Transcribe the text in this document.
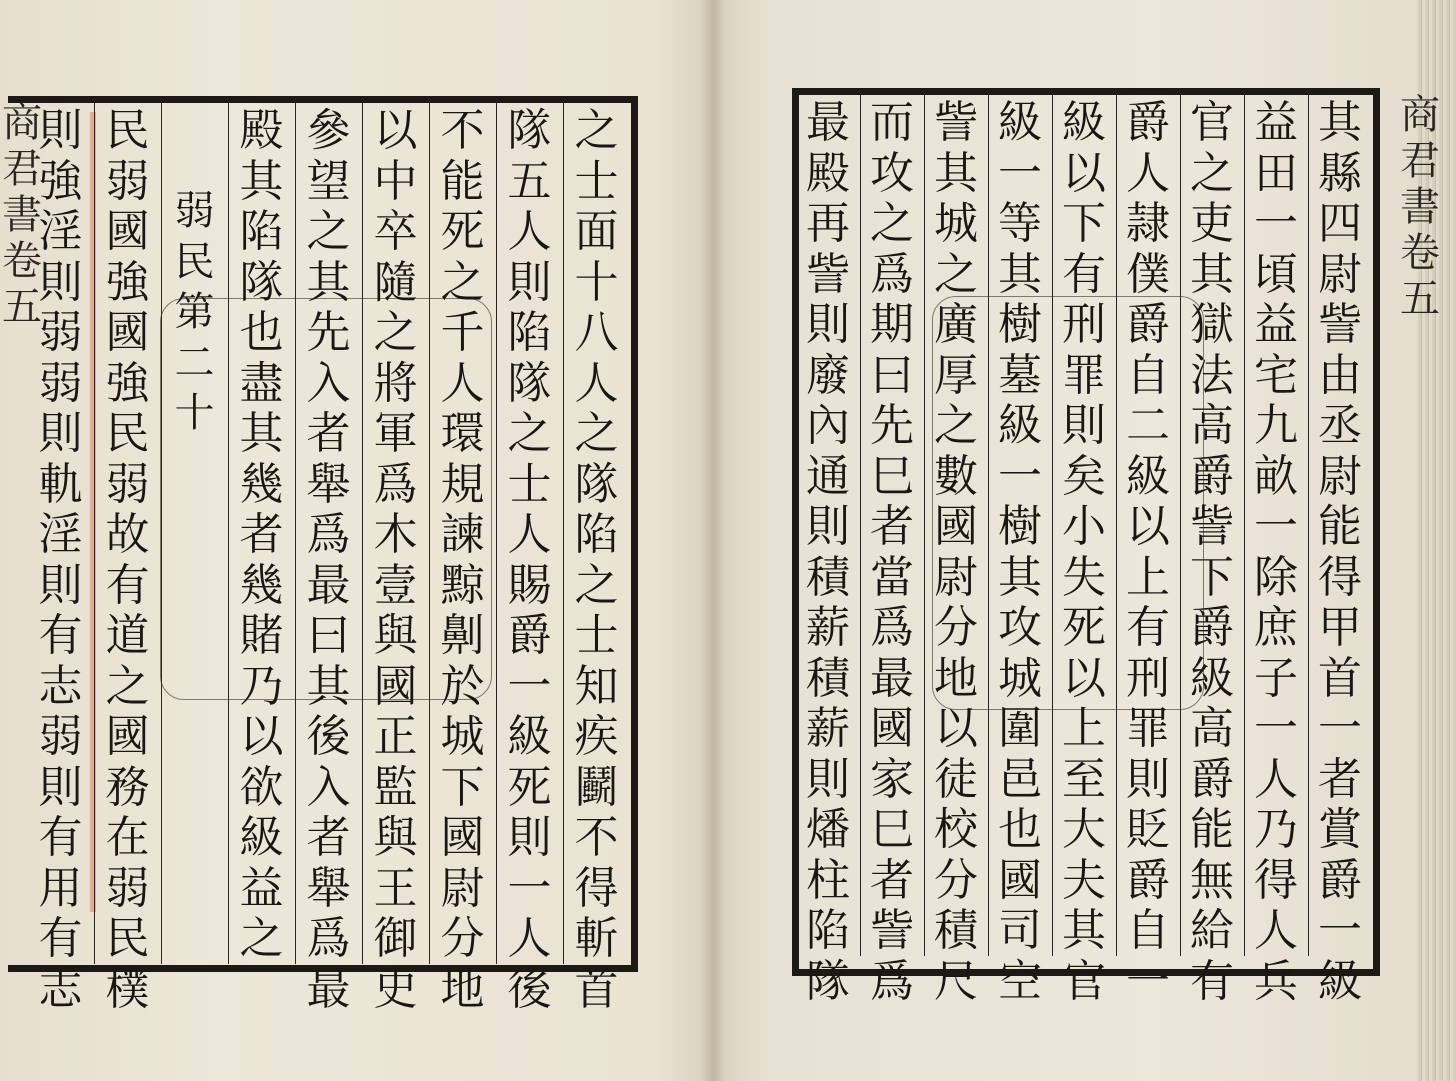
商
君
書
卷
五
之
士
面
十
八
人
之
隊
陷
之
士
知
疾
鬬
不
得
斬
首
隊
五
人
則
陷
隊
之
士
人
賜
爵
一
級
死
則
一
人
後
不
能
死
之
千
人
環
規
諫
黥
劓
於
城
下
國
尉
分
地
以
中
卒
隨
之
將
軍
爲
木
壹
與
國
正
監
與
王
御
史
參
望
之
其
先
入
者
舉
爲
最
曰
其
後
入
者
舉
爲
最
殿
其
陷
隊
也
盡
其
幾
者
幾
賭
乃
以
欲
級
益
之
弱
民
第
二
十
民
弱
國
強
國
強
民
弱
故
有
道
之
國
務
在
弱
民
樸
則
強
淫
則
弱
弱
則
軌
淫
則
有
志
弱
則
有
用
有
志
其
縣
四
尉
訾
由
丞
尉
能
得
甲
首
一
者
賞
爵
一
級
益
田
一
頃
益
宅
九
畝
一
除
庶
子
一
人
乃
得
人
兵
官
之
吏
其
獄
法
高
爵
訾
下
爵
級
高
爵
能
無
給
有
爵
人
隷
僕
爵
自
二
級
以
上
有
刑
罪
則
貶
爵
自
一
級
以
下
有
刑
罪
則
矣
小
失
死
以
上
至
大
夫
其
官
級
一
等
其
樹
墓
級
一
樹
其
攻
城
圍
邑
也
國
司
空
訾
其
城
之
廣
厚
之
數
國
尉
分
地
以
徒
校
分
積
尺
而
攻
之
爲
期
曰
先
巳
者
當
爲
最
國
家
巳
者
訾
爲
最
殿
再
訾
則
廢
內
通
則
積
薪
積
薪
則
燔
柱
陷
隊
商
君
書
卷
五
